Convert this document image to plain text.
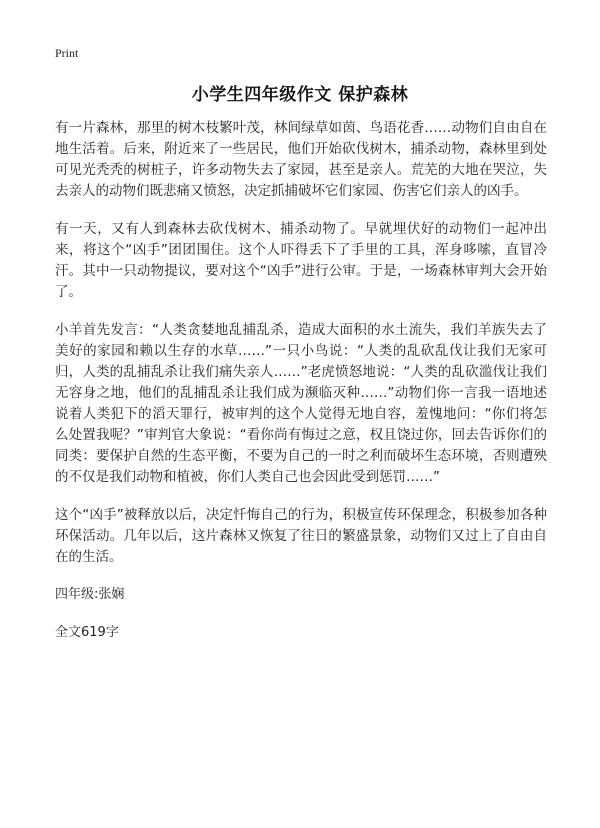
Print
小学生四年级作文 保护森林

有一片森林，那里的树木枝繁叶茂，林间绿草如茵、鸟语花香……动物们自由自在地生活着。后来，附近来了一些居民，他们开始砍伐树木，捕杀动物，森林里到处可见光秃秃的树桩子，许多动物失去了家园，甚至是亲人。荒芜的大地在哭泣，失去亲人的动物们既悲痛又愤怒，决定抓捕破坏它们家园、伤害它们亲人的凶手。

有一天，又有人到森林去砍伐树木、捕杀动物了。早就埋伏好的动物们一起冲出来，将这个“凶手”团团围住。这个人吓得丢下了手里的工具，浑身哆嗦，直冒冷汗。其中一只动物提议，要对这个“凶手”进行公审。于是，一场森林审判大会开始了。

小羊首先发言：“人类贪婪地乱捕乱杀，造成大面积的水土流失，我们羊族失去了美好的家园和赖以生存的水草……”一只小鸟说：“人类的乱砍乱伐让我们无家可归，人类的乱捕乱杀让我们痛失亲人……”老虎愤怒地说：“人类的乱砍滥伐让我们无容身之地，他们的乱捕乱杀让我们成为濒临灭种……”动物们你一言我一语地述说着人类犯下的滔天罪行，被审判的这个人觉得无地自容，羞愧地问：“你们将怎么处置我呢？”审判官大象说：“看你尚有悔过之意，权且饶过你，回去告诉你们的同类：要保护自然的生态平衡，不要为自己的一时之利而破坏生态环境，否则遭殃的不仅是我们动物和植被，你们人类自己也会因此受到惩罚……”

这个“凶手”被释放以后，决定忏悔自己的行为，积极宣传环保理念，积极参加各种环保活动。几年以后，这片森林又恢复了往日的繁盛景象，动物们又过上了自由自在的生活。

四年级:张娴

全文619字
